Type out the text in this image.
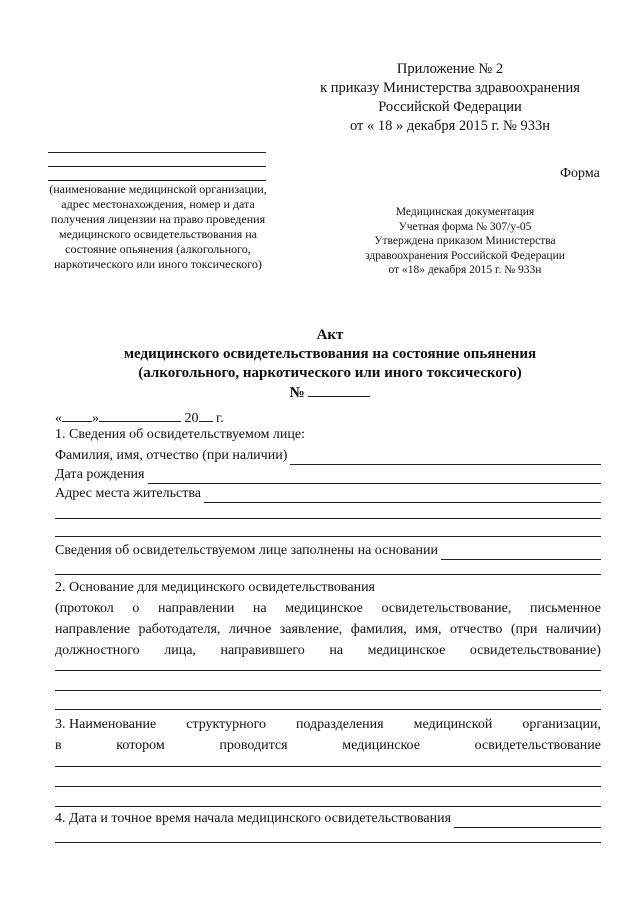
Приложение № 2
к приказу Министерства здравоохранения
Российской Федерации
от « 18 » декабря 2015 г. № 933н
Форма
(наименование медицинской организации, адрес местонахождения, номер и дата получения лицензии на право проведения медицинского освидетельствования на состояние опьянения (алкогольного, наркотического или иного токсического)
Медицинская документация
Учетная форма № 307/у-05
Утверждена приказом Министерства
здравоохранения Российской Федерации
от «18» декабря 2015 г. № 933н
Акт
медицинского освидетельствования на состояние опьянения
(алкогольного, наркотического или иного токсического)
№
« »	20 г.
1. Сведения об освидетельствуемом лице:
Фамилия, имя, отчество (при наличии)
Дата рождения
Адрес места жительства
Сведения об освидетельствуемом лице заполнены на основании
2. Основание для медицинского освидетельствования
(протокол о направлении на медицинское освидетельствование, письменное
направление работодателя, личное заявление, фамилия, имя, отчество (при наличии)
должностного лица, направившего на медицинское освидетельствование)
3. Наименование структурного подразделения медицинской организации,
в	котором	проводится	медицинское	освидетельствование
4. Дата и точное время начала медицинского освидетельствования
